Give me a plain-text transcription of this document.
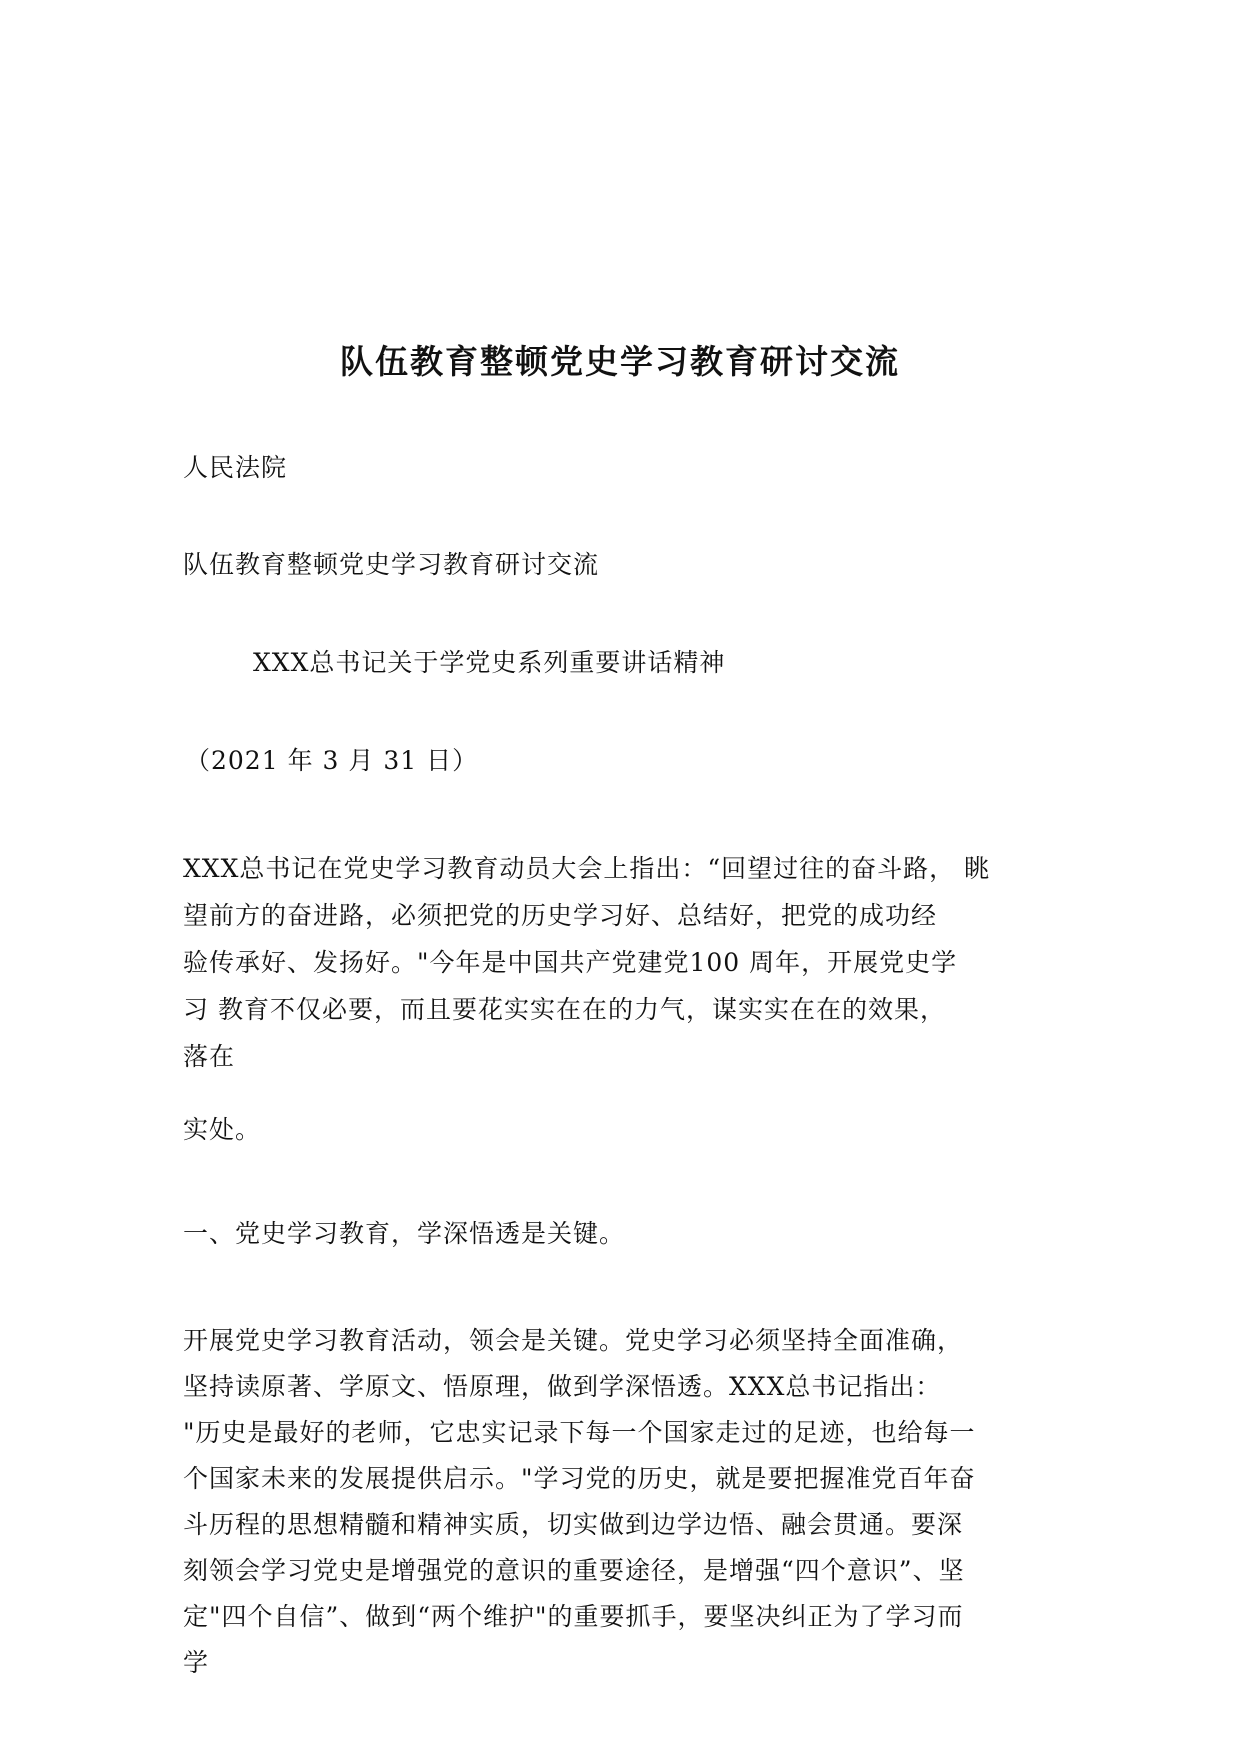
队伍教育整顿党史学习教育研讨交流
人民法院
队伍教育整顿党史学习教育研讨交流
XXX总书记关于学党史系列重要讲话精神
（2021 年 3 月 31 日）
XXX总书记在党史学习教育动员大会上指出：“回望过往的奋斗路， 眺
望前方的奋进路，必须把党的历史学习好、总结好，把党的成功经
验传承好、发扬好。"今年是中国共产党建党100 周年，开展党史学
习 教育不仅必要，而且要花实实在在的力气，谋实实在在的效果，
落在
实处。
一、党史学习教育，学深悟透是关键。
开展党史学习教育活动，领会是关键。党史学习必须坚持全面准确，
坚持读原著、学原文、悟原理，做到学深悟透。XXX总书记指出：
"历史是最好的老师，它忠实记录下每一个国家走过的足迹，也给每一
个国家未来的发展提供启示。"学习党的历史，就是要把握准党百年奋
斗历程的思想精髓和精神实质，切实做到边学边悟、融会贯通。要深
刻领会学习党史是增强党的意识的重要途径，是增强“四个意识”、坚
定"四个自信”、做到“两个维护"的重要抓手，要坚决纠正为了学习而
学
